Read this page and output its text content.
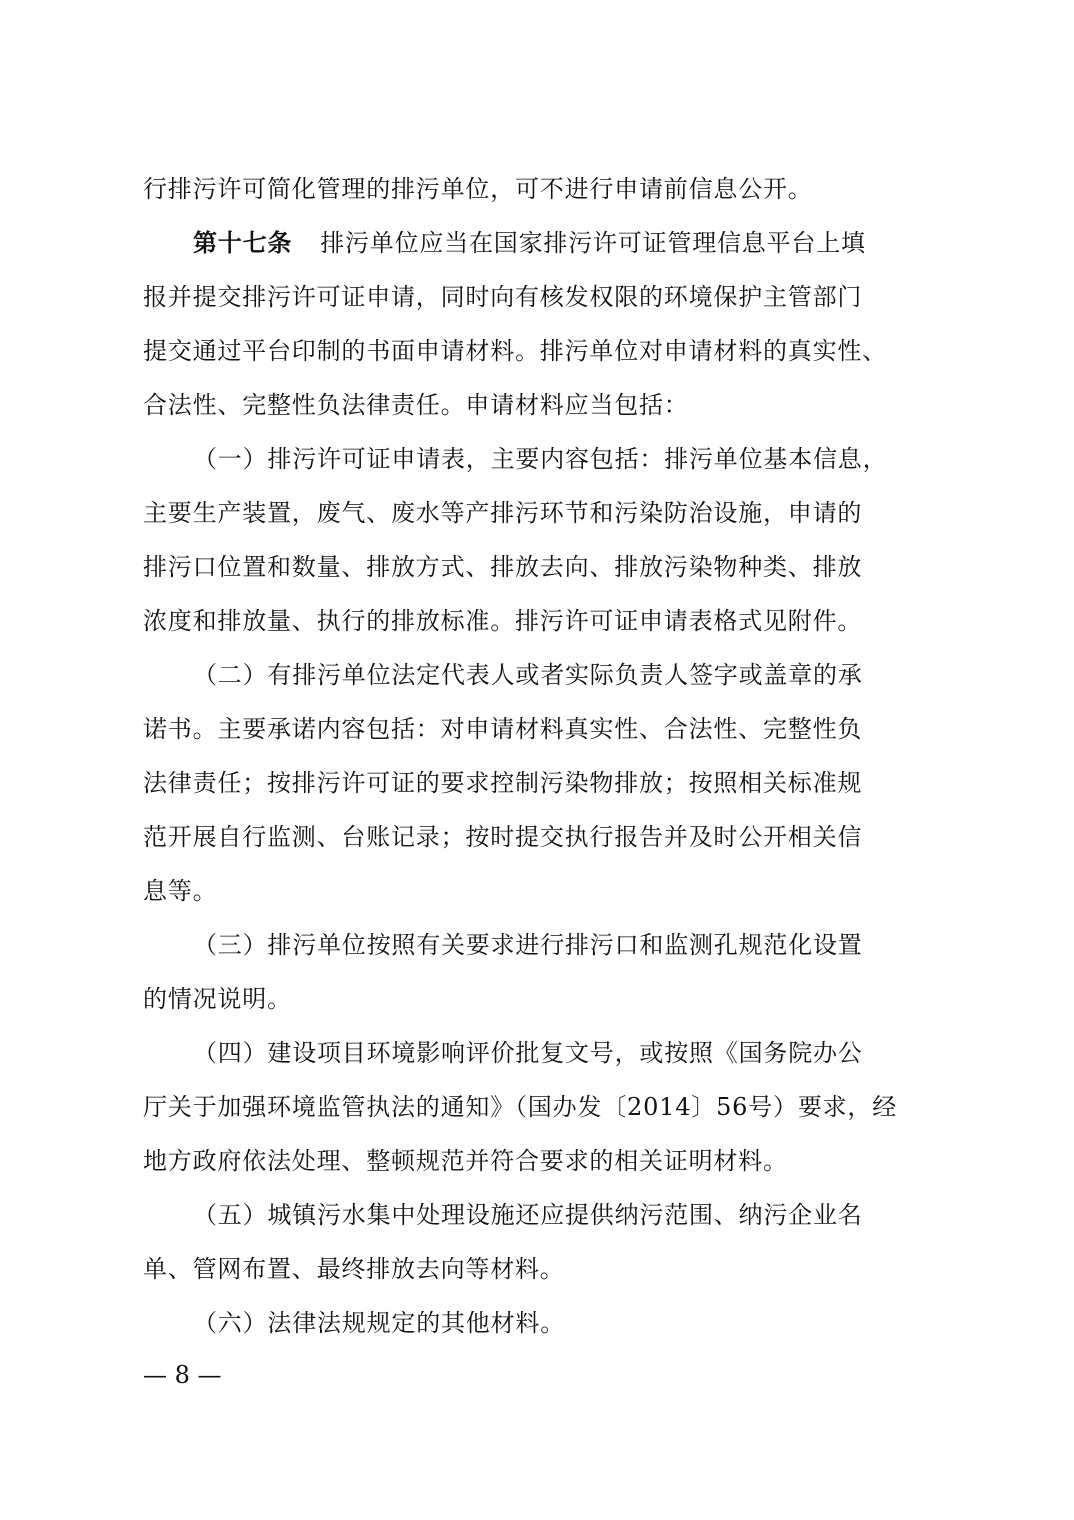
行排污许可简化管理的排污单位，可不进行申请前信息公开。
第十七条 排污单位应当在国家排污许可证管理信息平台上填
报并提交排污许可证申请，同时向有核发权限的环境保护主管部门
提交通过平台印制的书面申请材料。排污单位对申请材料的真实性、
合法性、完整性负法律责任。申请材料应当包括：
（一）排污许可证申请表，主要内容包括：排污单位基本信息，
主要生产装置，废气、废水等产排污环节和污染防治设施，申请的
排污口位置和数量、排放方式、排放去向、排放污染物种类、排放
浓度和排放量、执行的排放标准。排污许可证申请表格式见附件。
（二）有排污单位法定代表人或者实际负责人签字或盖章的承
诺书。主要承诺内容包括：对申请材料真实性、合法性、完整性负
法律责任；按排污许可证的要求控制污染物排放；按照相关标准规
范开展自行监测、台账记录；按时提交执行报告并及时公开相关信
息等。
（三）排污单位按照有关要求进行排污口和监测孔规范化设置
的情况说明。
（四）建设项目环境影响评价批复文号，或按照《国务院办公
厅关于加强环境监管执法的通知》（国办发〔2014〕56号）要求，经
地方政府依法处理、整顿规范并符合要求的相关证明材料。
（五）城镇污水集中处理设施还应提供纳污范围、纳污企业名
单、管网布置、最终排放去向等材料。
（六）法律法规规定的其他材料。
— 8 —
